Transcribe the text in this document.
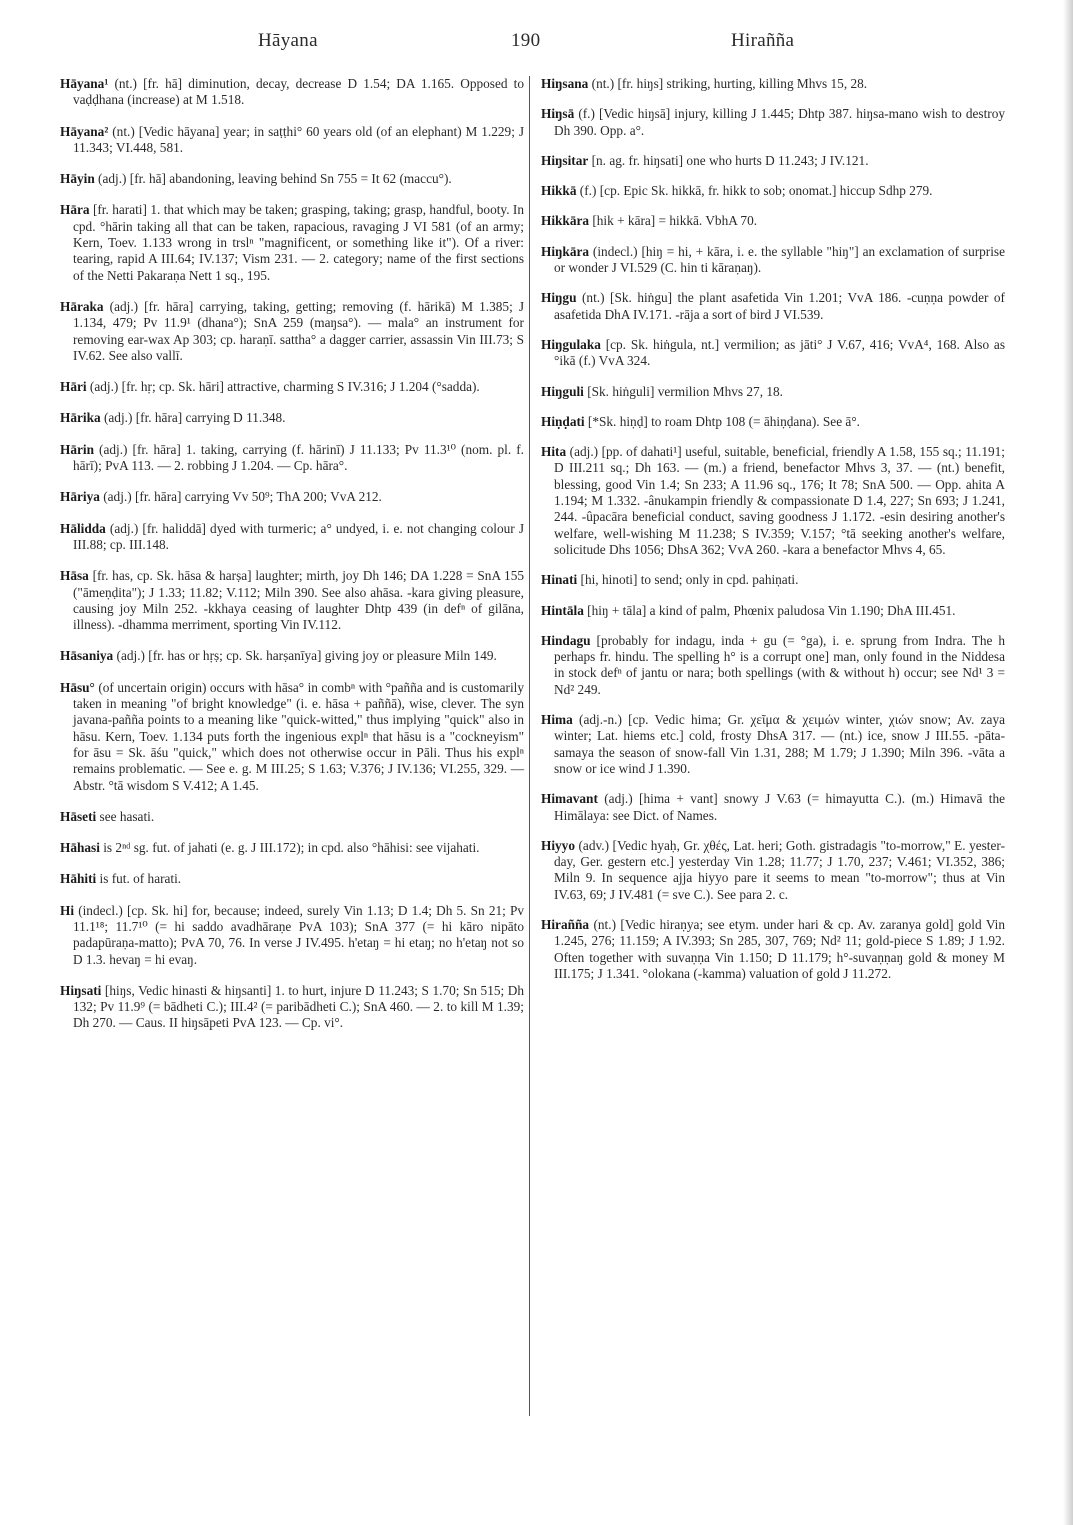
Hāyana	190	Hirañña

Hāyana¹ (nt.) [fr. hā] diminution, decay, decrease D 1.54; DA 1.165. Opposed to vaḍḍhana (increase) at M 1.518.

Hāyana² (nt.) [Vedic hāyana] year; in saṭṭhi° 60 years old (of an elephant) M 1.229; J 11.343; VI.448, 581.

Hāyin (adj.) [fr. hā] abandoning, leaving behind Sn 755 = It 62 (maccu°).

Hāra [fr. harati] 1. that which may be taken; grasping, taking; grasp, handful, booty. In cpd. °hārin taking all that can be taken, rapacious, ravaging J VI 581 (of an army; Kern, Toev. 1.133 wrong in trslⁿ "magnificent, or something like it"). Of a river: tearing, rapid A III.64; IV.137; Vism 231. — 2. category; name of the first sections of the Netti Pakaraṇa Nett 1 sq., 195.

Hāraka (adj.) [fr. hāra] carrying, taking, getting; removing (f. hārikā) M 1.385; J 1.134, 479; Pv 11.9¹ (dhana°); SnA 259 (maŋsa°). — mala° an instrument for removing ear-wax Ap 303; cp. haraṇī. sattha° a dagger carrier, assassin Vin III.73; S IV.62. See also vallī.

Hāri (adj.) [fr. hṛ; cp. Sk. hāri] attractive, charming S IV.316; J 1.204 (°sadda).

Hārika (adj.) [fr. hāra] carrying D 11.348.

Hārin (adj.) [fr. hāra] 1. taking, carrying (f. hārinī) J 11.133; Pv 11.3¹⁰ (nom. pl. f. hārī); PvA 113. — 2. robbing J 1.204. — Cp. hāra°.

Hāriya (adj.) [fr. hāra] carrying Vv 50⁹; ThA 200; VvA 212.

Hālidda (adj.) [fr. haliddā] dyed with turmeric; a° undyed, i. e. not changing colour J III.88; cp. III.148.

Hāsa [fr. has, cp. Sk. hāsa & harṣa] laughter; mirth, joy Dh 146; DA 1.228 = SnA 155 ("āmeṇḍita"); J 1.33; 11.82; V.112; Miln 390. See also ahāsa. -kara giving pleasure, causing joy Miln 252. -kkhaya ceasing of laughter Dhtp 439 (in defⁿ of gilāna, illness). -dhamma merriment, sporting Vin IV.112.

Hāsaniya (adj.) [fr. has or hṛṣ; cp. Sk. harṣanīya] giving joy or pleasure Miln 149.

Hāsu° (of uncertain origin) occurs with hāsa° in combⁿ with °pañña and is customarily taken in meaning "of bright knowledge" (i. e. hāsa + paññā), wise, clever. The syn javana-pañña points to a meaning like "quick-witted," thus implying "quick" also in hāsu. Kern, Toev. 1.134 puts forth the ingenious explⁿ that hāsu is a "cockneyism" for āsu = Sk. āśu "quick," which does not otherwise occur in Pāli. Thus his explⁿ remains problematic. — See e. g. M III.25; S 1.63; V.376; J IV.136; VI.255, 329. — Abstr. °tā wisdom S V.412; A 1.45.

Hāseti see hasati.

Hāhasi is 2ⁿᵈ sg. fut. of jahati (e. g. J III.172); in cpd. also °hāhisi: see vijahati.

Hāhiti is fut. of harati.

Hi (indecl.) [cp. Sk. hi] for, because; indeed, surely Vin 1.13; D 1.4; Dh 5. Sn 21; Pv 11.1¹⁸; 11.7¹⁰ (= hi saddo avadhāraṇe PvA 103); SnA 377 (= hi kāro nipāto padapūraṇa-matto); PvA 70, 76. In verse J IV.495. h'etaŋ = hi etaŋ; no h'etaŋ not so D 1.3. hevaŋ = hi evaŋ.

Hiŋsati [hiŋs, Vedic hinasti & hiŋsanti] 1. to hurt, injure D 11.243; S 1.70; Sn 515; Dh 132; Pv 11.9⁹ (= bādheti C.); III.4² (= paribādheti C.); SnA 460. — 2. to kill M 1.39; Dh 270. — Caus. II hiŋsāpeti PvA 123. — Cp. vi°.

Hiŋsana (nt.) [fr. hiŋs] striking, hurting, killing Mhvs 15, 28.

Hiŋsā (f.) [Vedic hiŋsā] injury, killing J 1.445; Dhtp 387. hiŋsa-mano wish to destroy Dh 390. Opp. a°.

Hiŋsitar [n. ag. fr. hiŋsati] one who hurts D 11.243; J IV.121.

Hikkā (f.) [cp. Epic Sk. hikkā, fr. hikk to sob; onomat.] hiccup Sdhp 279.

Hikkāra [hik + kāra] = hikkā. VbhA 70.

Hiŋkāra (indecl.) [hiŋ = hi, + kāra, i. e. the syllable "hiŋ"] an exclamation of surprise or wonder J VI.529 (C. hin ti kāraṇaŋ).

Hiŋgu (nt.) [Sk. hiṅgu] the plant asafetida Vin 1.201; VvA 186. -cuṇṇa powder of asafetida DhA IV.171. -rāja a sort of bird J VI.539.

Hiŋgulaka [cp. Sk. hiṅgula, nt.] vermilion; as jāti° J V.67, 416; VvA⁴, 168. Also as °ikā (f.) VvA 324.

Hiŋguli [Sk. hiṅguli] vermilion Mhvs 27, 18.

Hiṇḍati [*Sk. hiṇḍ] to roam Dhtp 108 (= āhiṇḍana). See ā°.

Hita (adj.) [pp. of dahati¹] useful, suitable, beneficial, friendly A 1.58, 155 sq.; 11.191; D III.211 sq.; Dh 163. — (m.) a friend, benefactor Mhvs 3, 37. — (nt.) benefit, blessing, good Vin 1.4; Sn 233; A 11.96 sq., 176; It 78; SnA 500. — Opp. ahita A 1.194; M 1.332. -ânukampin friendly & compassionate D 1.4, 227; Sn 693; J 1.241, 244. -ûpacāra beneficial conduct, saving goodness J 1.172. -esin desiring another's welfare, well-wishing M 11.238; S IV.359; V.157; °tā seeking another's welfare, solicitude Dhs 1056; DhsA 362; VvA 260. -kara a benefactor Mhvs 4, 65.

Hinati [hi, hinoti] to send; only in cpd. pahiṇati.

Hintāla [hiŋ + tāla] a kind of palm, Phœnix paludosa Vin 1.190; DhA III.451.

Hindagu [probably for indagu, inda + gu (= °ga), i. e. sprung from Indra. The h perhaps fr. hindu. The spelling h° is a corrupt one] man, only found in the Niddesa in stock defⁿ of jantu or nara; both spellings (with & without h) occur; see Nd¹ 3 = Nd² 249.

Hima (adj.-n.) [cp. Vedic hima; Gr. χεῖμα & χειμών winter, χιών snow; Av. zaya winter; Lat. hiems etc.] cold, frosty DhsA 317. — (nt.) ice, snow J III.55. -pāta-samaya the season of snow-fall Vin 1.31, 288; M 1.79; J 1.390; Miln 396. -vāta a snow or ice wind J 1.390.

Himavant (adj.) [hima + vant] snowy J V.63 (= himayutta C.). (m.) Himavā the Himālaya: see Dict. of Names.

Hiyyo (adv.) [Vedic hyaḥ, Gr. χθές, Lat. heri; Goth. gistradagis "to-morrow," E. yester-day, Ger. gestern etc.] yesterday Vin 1.28; 11.77; J 1.70, 237; V.461; VI.352, 386; Miln 9. In sequence ajja hiyyo pare it seems to mean "to-morrow"; thus at Vin IV.63, 69; J IV.481 (= sve C.). See para 2. c.

Hirañña (nt.) [Vedic hiraṇya; see etym. under hari & cp. Av. zaranya gold] gold Vin 1.245, 276; 11.159; A IV.393; Sn 285, 307, 769; Nd² 11; gold-piece S 1.89; J 1.92. Often together with suvaṇṇa Vin 1.150; D 11.179; h°-suvaṇṇaŋ gold & money M III.175; J 1.341. °olokana (-kamma) valuation of gold J 11.272.
